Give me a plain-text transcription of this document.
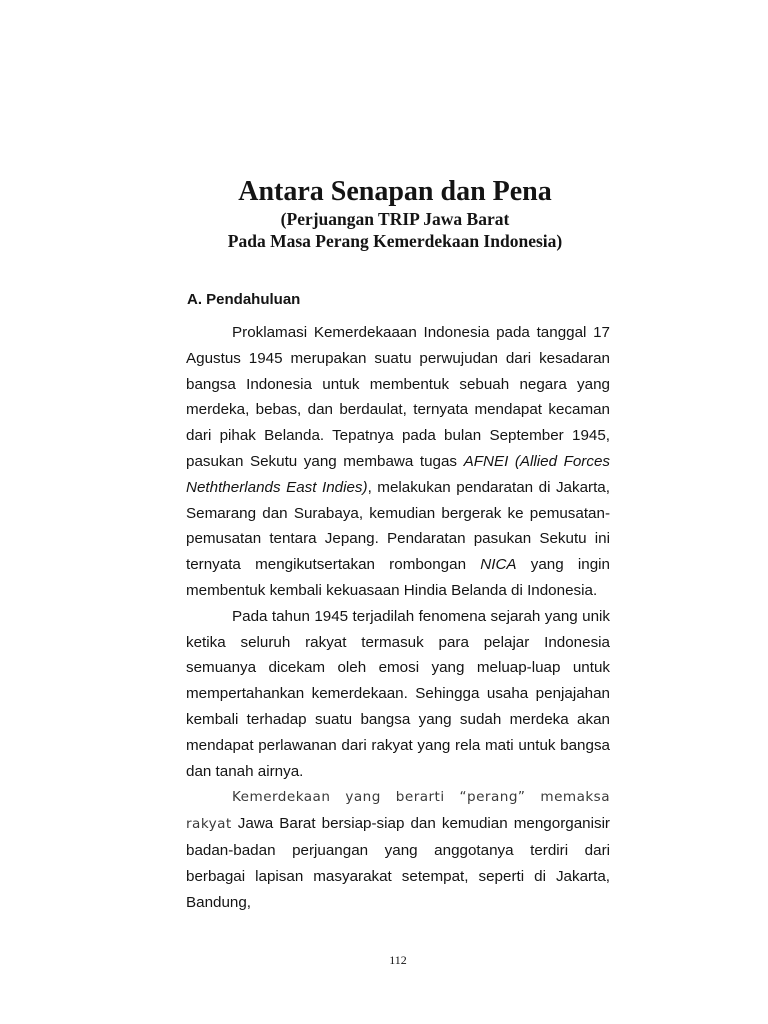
Antara Senapan dan Pena
(Perjuangan TRIP Jawa Barat
Pada Masa Perang Kemerdekaan Indonesia)
A. Pendahuluan

Proklamasi Kemerdekaaan Indonesia pada tanggal 17 Agustus 1945 merupakan suatu perwujudan dari kesadaran bangsa Indonesia untuk membentuk sebuah negara yang merdeka, bebas, dan berdaulat, ternyata mendapat kecaman dari pihak Belanda. Tepatnya pada bulan September 1945, pasukan Sekutu yang membawa tugas AFNEI (Allied Forces Neththerlands East Indies), melakukan pendaratan di Jakarta, Semarang dan Surabaya, kemudian bergerak ke pemusatan-pemusatan tentara Jepang. Pendaratan pasukan Sekutu ini ternyata mengikutsertakan rombongan NICA yang ingin membentuk kembali kekuasaan Hindia Belanda di Indonesia.

Pada tahun 1945 terjadilah fenomena sejarah yang unik ketika seluruh rakyat termasuk para pelajar Indonesia semuanya dicekam oleh emosi yang meluap-luap untuk mempertahankan kemerdekaan. Sehingga usaha penjajahan kembali terhadap suatu bangsa yang sudah merdeka akan mendapat perlawanan dari rakyat yang rela mati untuk bangsa dan tanah airnya.

Kemerdekaan yang berarti “perang” memaksa rakyat Jawa Barat bersiap-siap dan kemudian mengorganisir badan-badan perjuangan yang anggotanya terdiri dari berbagai lapisan masyarakat setempat, seperti di Jakarta, Bandung,

112
